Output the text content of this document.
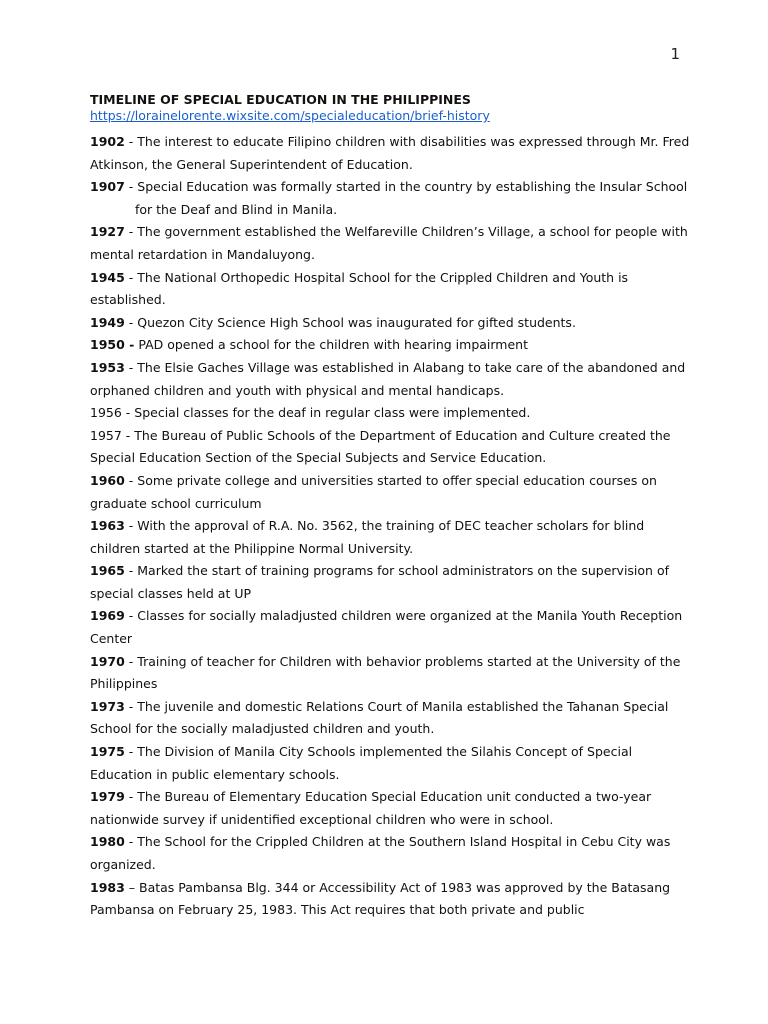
1
TIMELINE OF SPECIAL EDUCATION IN THE PHILIPPINES
https://lorainelorente.wixsite.com/specialeducation/brief-history
1902 - The interest to educate Filipino children with disabilities was expressed through Mr. Fred Atkinson, the General Superintendent of Education.
1907 - Special Education was formally started in the country by establishing the Insular School for the Deaf and Blind in Manila.
1927 - The government established the Welfareville Children’s Village, a school for people with mental retardation in Mandaluyong.
1945 - The National Orthopedic Hospital School for the Crippled Children and Youth is established.
1949 - Quezon City Science High School was inaugurated for gifted students.
1950 - PAD opened a school for the children with hearing impairment
1953 - The Elsie Gaches Village was established in Alabang to take care of the abandoned and orphaned children and youth with physical and mental handicaps.
1956 - Special classes for the deaf in regular class were implemented.
1957 - The Bureau of Public Schools of the Department of Education and Culture created the Special Education Section of the Special Subjects and Service Education.
1960 - Some private college and universities started to offer special education courses on graduate school curriculum
1963 - With the approval of R.A. No. 3562, the training of DEC teacher scholars for blind children started at the Philippine Normal University.
1965 - Marked the start of training programs for school administrators on the supervision of special classes held at UP
1969 - Classes for socially maladjusted children were organized at the Manila Youth Reception Center
1970 - Training of teacher for Children with behavior problems started at the University of the Philippines
1973 - The juvenile and domestic Relations Court of Manila established the Tahanan Special School for the socially maladjusted children and youth.
1975 - The Division of Manila City Schools implemented the Silahis Concept of Special Education in public elementary schools.
1979 - The Bureau of Elementary Education Special Education unit conducted a two-year nationwide survey if unidentified exceptional children who were in school.
1980 - The School for the Crippled Children at the Southern Island Hospital in Cebu City was organized.
1983 – Batas Pambansa Blg. 344 or Accessibility Act of 1983 was approved by the Batasang Pambansa on February 25, 1983. This Act requires that both private and public
